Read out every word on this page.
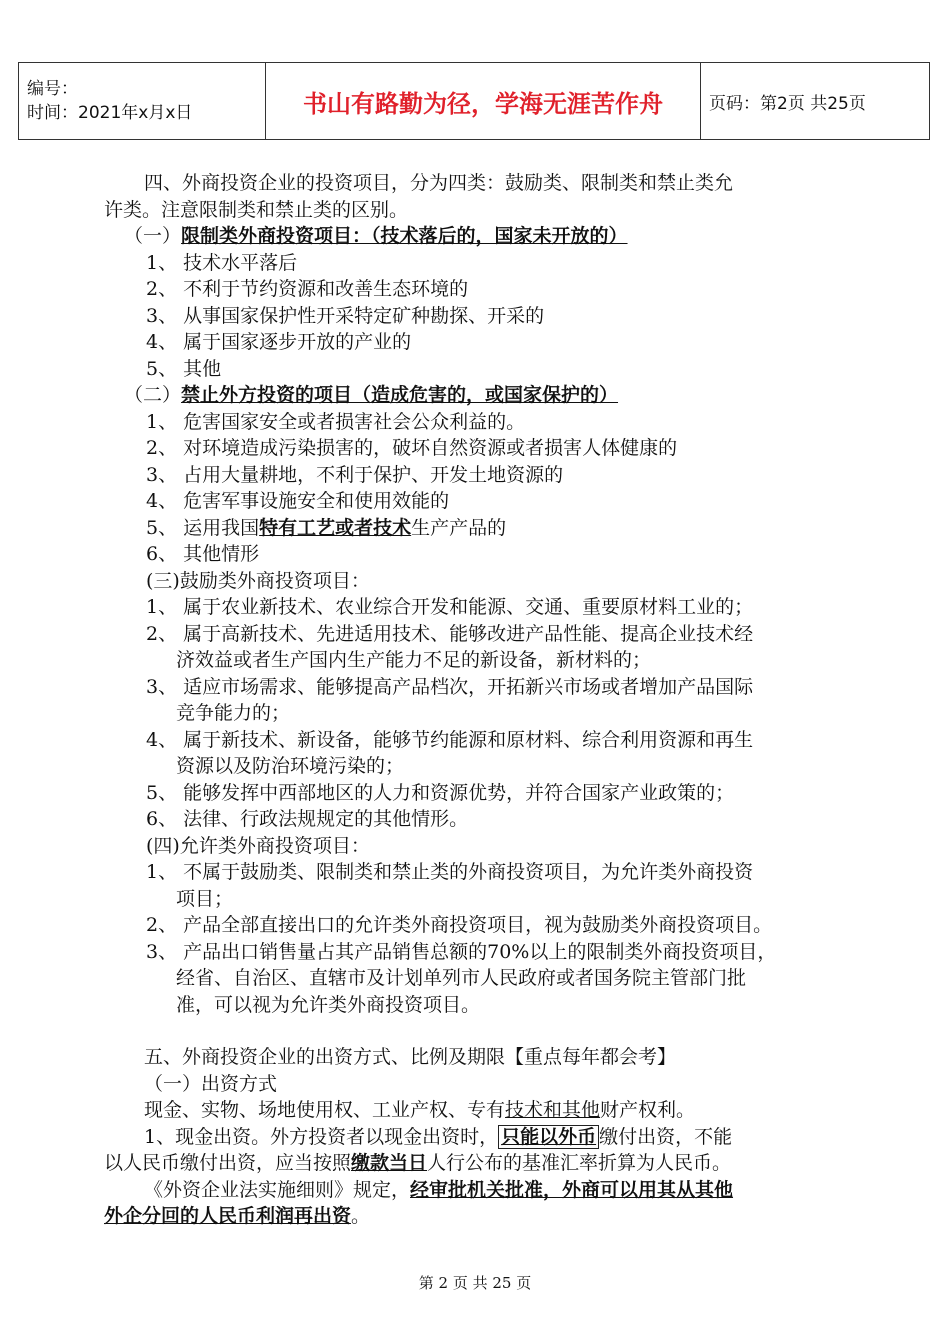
编号：
时间：2021年x月x日	书山有路勤为径，学海无涯苦作舟	页码：第2页 共25页
四、外商投资企业的投资项目，分为四类：鼓励类、限制类和禁止类允
许类。注意限制类和禁止类的区别。
（一）限制类外商投资项目：（技术落后的，国家未开放的）
1、 技术水平落后
2、 不利于节约资源和改善生态环境的
3、 从事国家保护性开采特定矿种勘探、开采的
4、 属于国家逐步开放的产业的
5、 其他
（二）禁止外方投资的项目（造成危害的，或国家保护的）
1、 危害国家安全或者损害社会公众利益的。
2、 对环境造成污染损害的，破坏自然资源或者损害人体健康的
3、 占用大量耕地，不利于保护、开发土地资源的
4、 危害军事设施安全和使用效能的
5、 运用我国特有工艺或者技术生产产品的
6、 其他情形
(三)鼓励类外商投资项目：
1、 属于农业新技术、农业综合开发和能源、交通、重要原材料工业的；
2、 属于高新技术、先进适用技术、能够改进产品性能、提高企业技术经
济效益或者生产国内生产能力不足的新设备，新材料的；
3、 适应市场需求、能够提高产品档次，开拓新兴市场或者增加产品国际
竞争能力的；
4、 属于新技术、新设备，能够节约能源和原材料、综合利用资源和再生
资源以及防治环境污染的；
5、 能够发挥中西部地区的人力和资源优势，并符合国家产业政策的；
6、 法律、行政法规规定的其他情形。
(四)允许类外商投资项目：
1、 不属于鼓励类、限制类和禁止类的外商投资项目，为允许类外商投资
项目；
2、 产品全部直接出口的允许类外商投资项目，视为鼓励类外商投资项目。
3、 产品出口销售量占其产品销售总额的70%以上的限制类外商投资项目，
经省、自治区、直辖市及计划单列市人民政府或者国务院主管部门批
准，可以视为允许类外商投资项目。
五、外商投资企业的出资方式、比例及期限【重点每年都会考】
（一）出资方式
现金、实物、场地使用权、工业产权、专有技术和其他财产权利。
1、现金出资。外方投资者以现金出资时， 只能以外币 缴付出资，不能
以人民币缴付出资，应当按照缴款当日人行公布的基准汇率折算为人民币。
《外资企业法实施细则》规定，经审批机关批准，外商可以用其从其他
外企分回的人民币利润再出资。
第 2 页 共 25 页
